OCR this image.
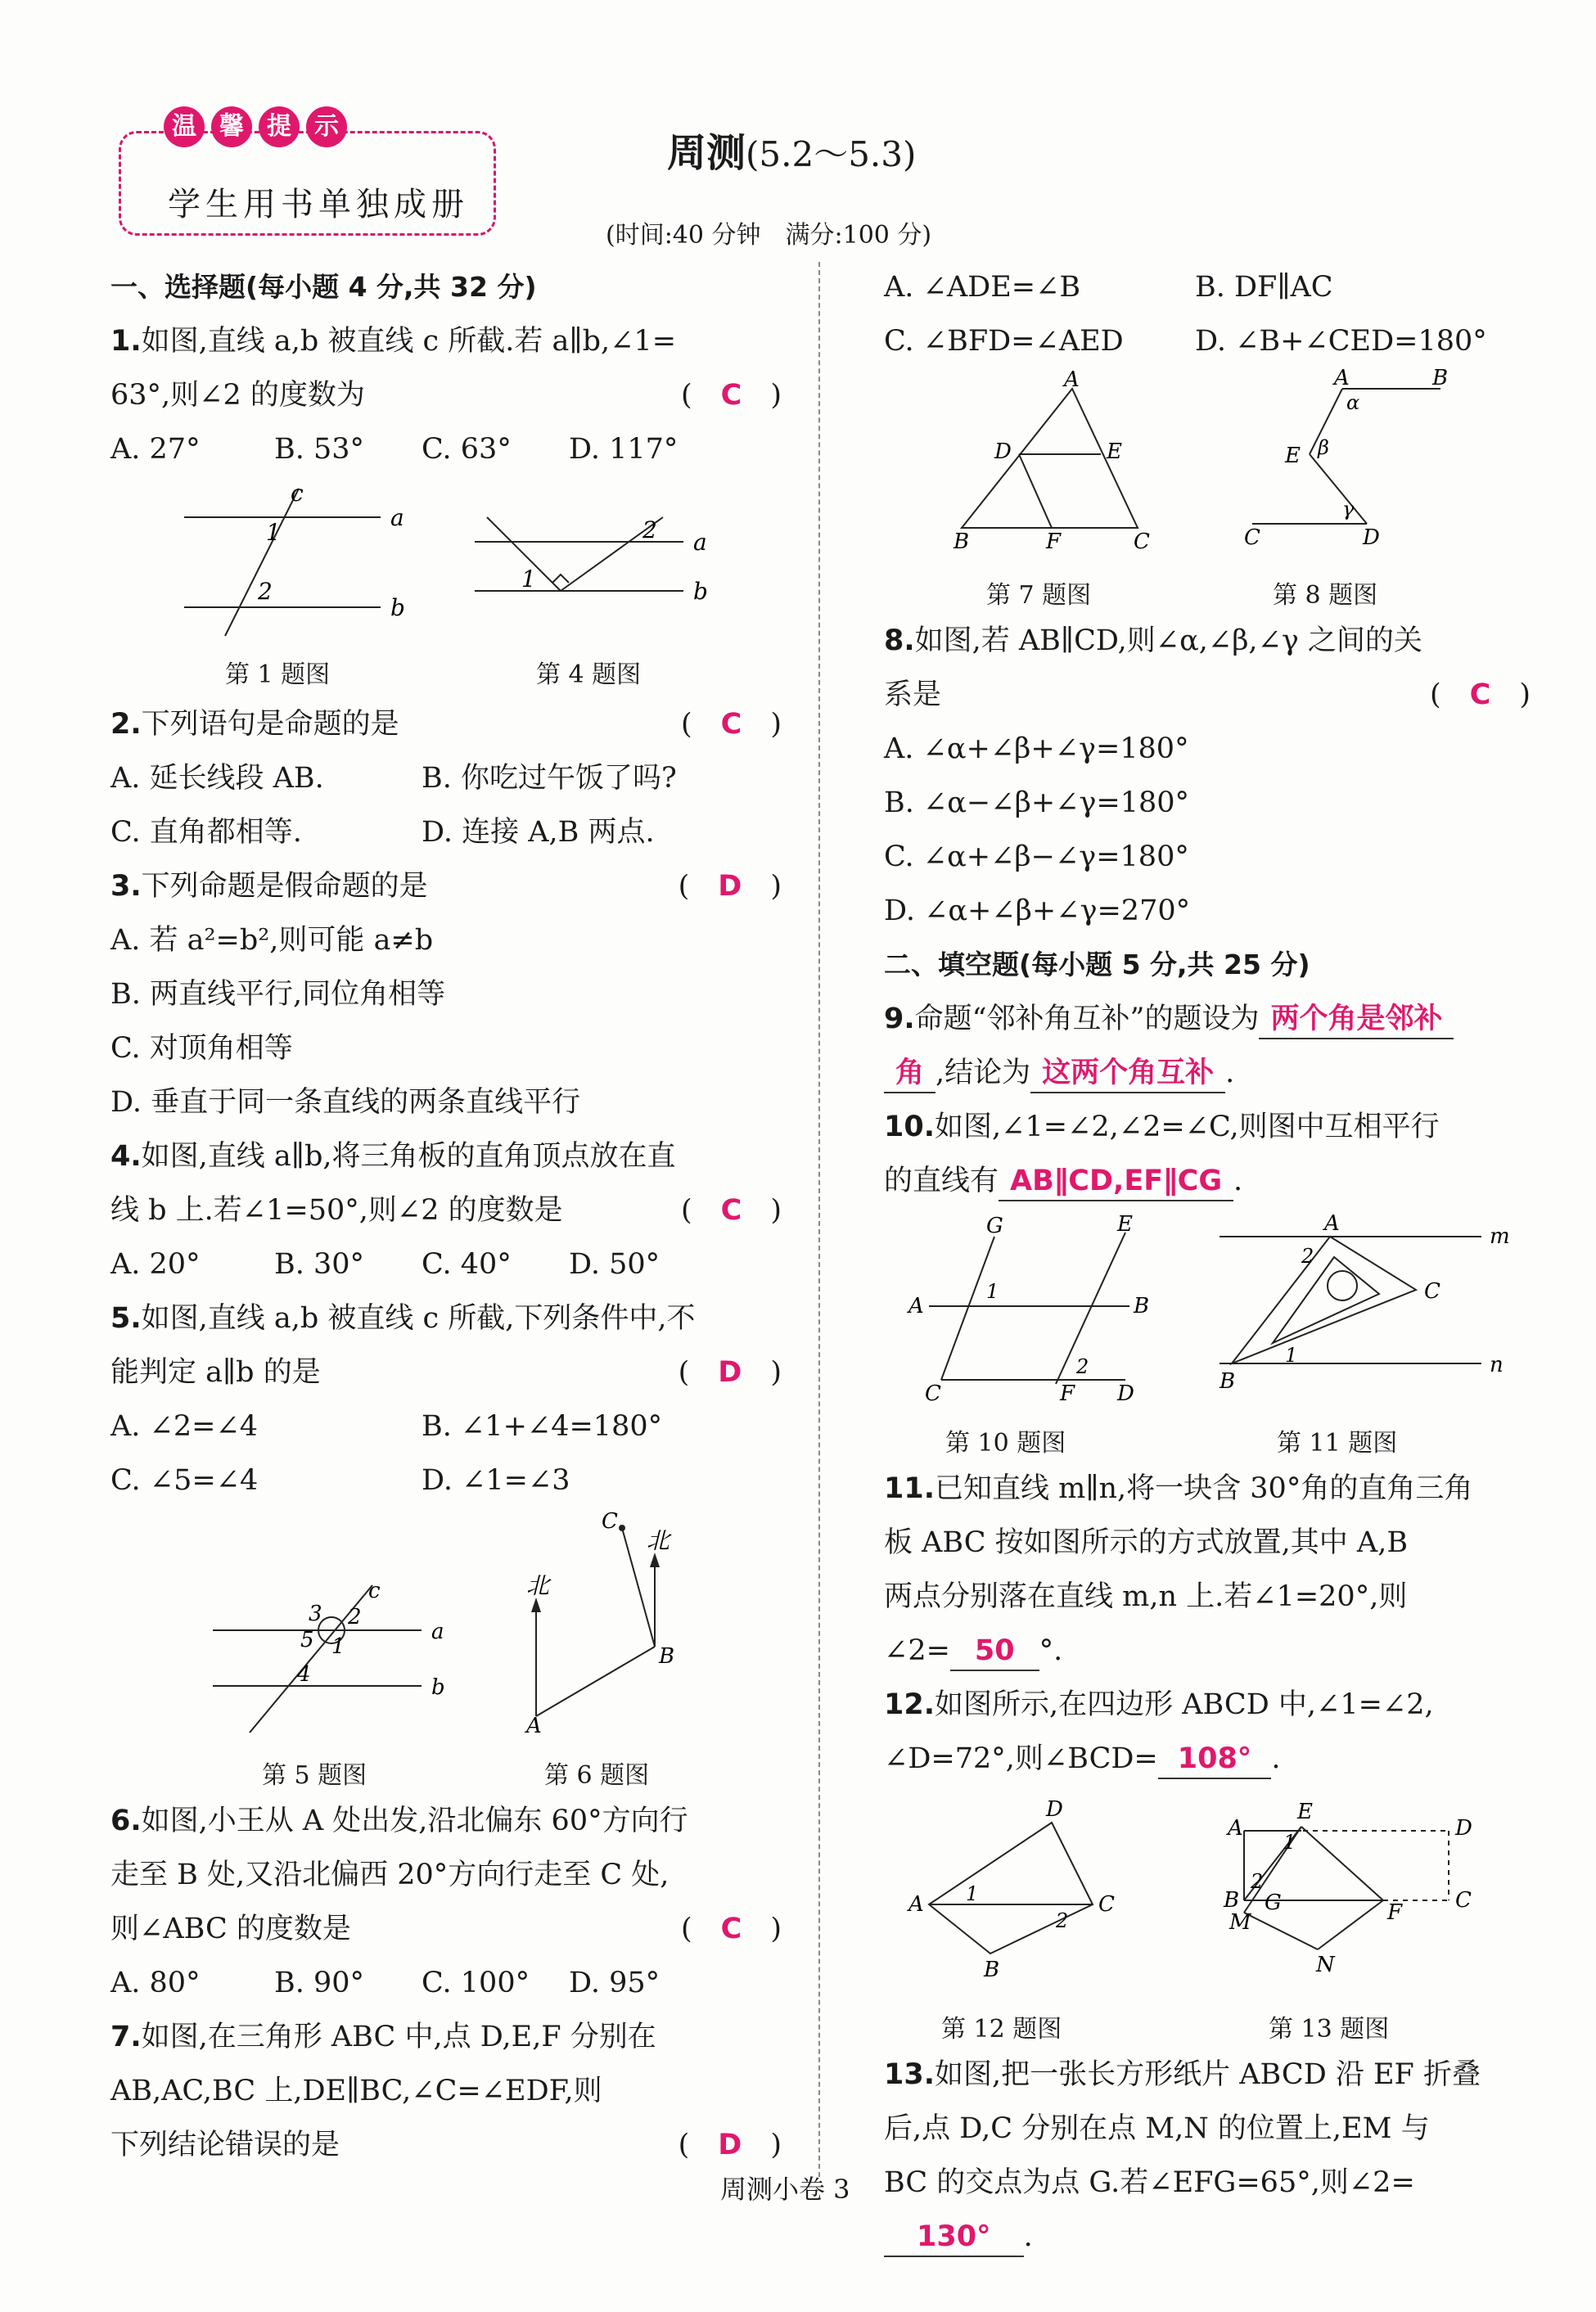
温 馨 提 示
学生用书单独成册
周测(5.2～5.3)
(时间:40 分钟　满分:100 分)

一、选择题(每小题 4 分,共 32 分)

1.如图,直线 a,b 被直线 c 所截.若 a∥b,∠1=

63°,则∠2 的度数为	(　C　)

A. 27°	B. 53°	C. 63°	D. 117°

c
a
b
1
2
a
b
1
2
第 1 题图	第 4 题图

2.下列语句是命题的是	(　C　)

A. 延长线段 AB.	B. 你吃过午饭了吗?

C. 直角都相等.	D. 连接 A,B 两点.

3.下列命题是假命题的是	(　D　)

A. 若 a²=b²,则可能 a≠b

B. 两直线平行,同位角相等

C. 对顶角相等

D. 垂直于同一条直线的两条直线平行

4.如图,直线 a∥b,将三角板的直角顶点放在直

线 b 上.若∠1=50°,则∠2 的度数是	(　C　)

A. 20°	B. 30°	C. 40°	D. 50°

5.如图,直线 a,b 被直线 c 所截,下列条件中,不

能判定 a∥b 的是	(　D　)

A. ∠2=∠4	B. ∠1+∠4=180°

C. ∠5=∠4	D. ∠1=∠3

c
a
b
3 2
5 1
4
北
北
C
B
A
第 5 题图	第 6 题图

6.如图,小王从 A 处出发,沿北偏东 60°方向行

走至 B 处,又沿北偏西 20°方向行走至 C 处,

则∠ABC 的度数是	(　C　)

A. 80°	B. 90°	C. 100°	D. 95°

7.如图,在三角形 ABC 中,点 D,E,F 分别在

AB,AC,BC 上,DE∥BC,∠C=∠EDF,则

下列结论错误的是	(　D　)

A. ∠ADE=∠B	B. DF∥AC

C. ∠BFD=∠AED	D. ∠B+∠CED=180°

A
D	E
B	F	C
A	B
α
E β
γ
C	D
第 7 题图	第 8 题图

8.如图,若 AB∥CD,则∠α,∠β,∠γ 之间的关

系是	(　C　)

A. ∠α+∠β+∠γ=180°

B. ∠α−∠β+∠γ=180°

C. ∠α+∠β−∠γ=180°

D. ∠α+∠β+∠γ=270°

二、填空题(每小题 5 分,共 25 分)

9.命题“邻补角互补”的题设为 两个角是邻补

角 ,结论为 这两个角互补 .

10.如图,∠1=∠2,∠2=∠C,则图中互相平行

的直线有 AB∥CD,EF∥CG .

G	E
A	B
C	F D
1
2
A
m
n
C
B
2
1
第 10 题图	第 11 题图

11.已知直线 m∥n,将一块含 30°角的直角三角

板 ABC 按如图所示的方式放置,其中 A,B

两点分别落在直线 m,n 上.若∠1=20°,则

∠2= 50 °.

12.如图所示,在四边形 ABCD 中,∠1=∠2,

∠D=72°,则∠BCD= 108° .

D
A	C
B
1
2
A
E
D
B G	F C
M
N
1
2
第 12 题图	第 13 题图

13.如图,把一张长方形纸片 ABCD 沿 EF 折叠

后,点 D,C 分别在点 M,N 的位置上,EM 与

BC 的交点为点 G.若∠EFG=65°,则∠2=

130° .

周测小卷 3
